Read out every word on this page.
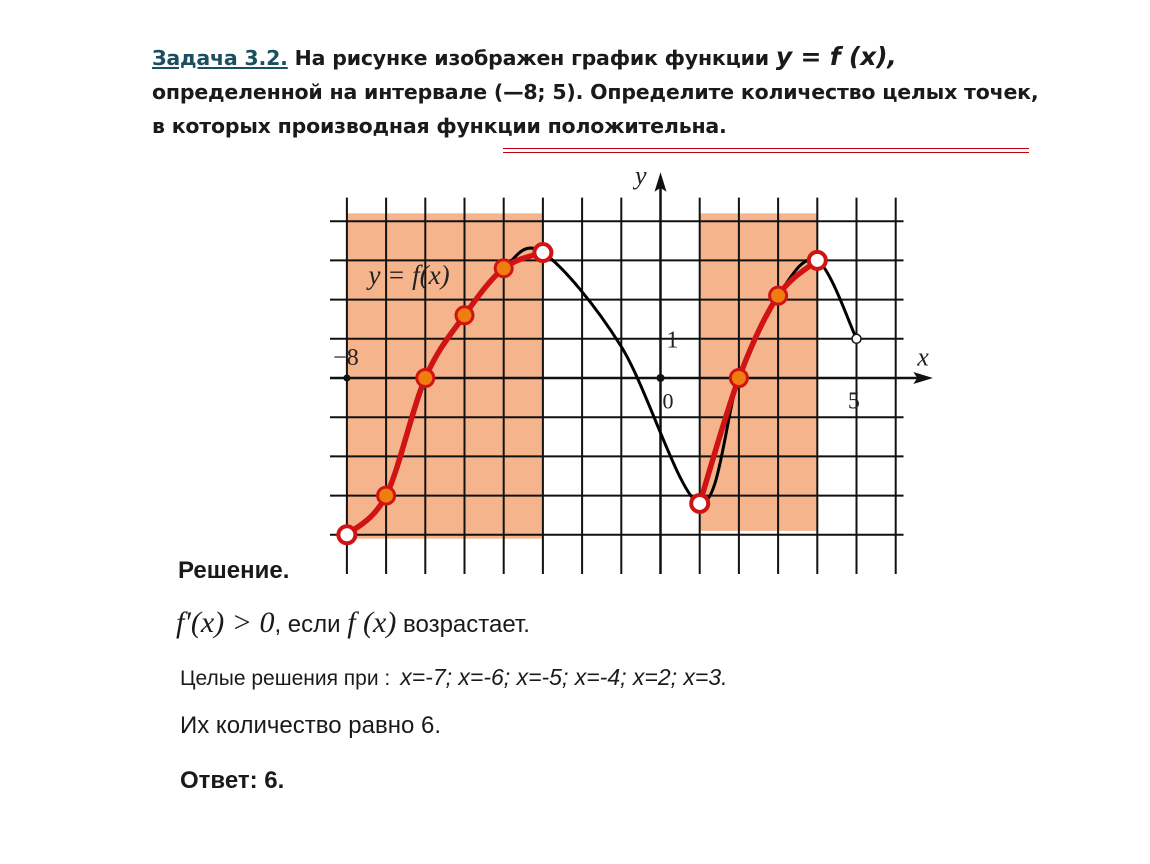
Задача 3.2. На рисунке изображен график функции y = f (x),
определенной на интервале (—8; 5). Определите количество целых точек,
в которых производная функции положительна.
y = f(x)
x
y
0
−8
5
1
Решение.
f′(x) > 0, если f (x) возрастает.
Целые решения при : x=-7; x=-6; x=-5; x=-4; x=2; x=3.
Их количество равно 6.
Ответ: 6.
